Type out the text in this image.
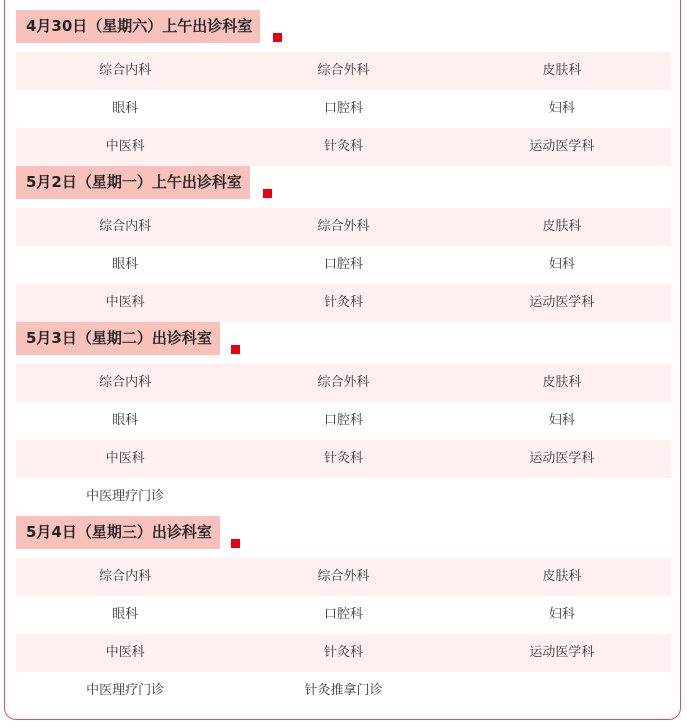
4月30日（星期六）上午出诊科室
综合内科	综合外科	皮肤科
眼科	口腔科	妇科
中医科	针灸科	运动医学科
5月2日（星期一）上午出诊科室
综合内科	综合外科	皮肤科
眼科	口腔科	妇科
中医科	针灸科	运动医学科
5月3日（星期二）出诊科室
综合内科	综合外科	皮肤科
眼科	口腔科	妇科
中医科	针灸科	运动医学科
中医理疗门诊
5月4日（星期三）出诊科室
综合内科	综合外科	皮肤科
眼科	口腔科	妇科
中医科	针灸科	运动医学科
中医理疗门诊	针灸推拿门诊
